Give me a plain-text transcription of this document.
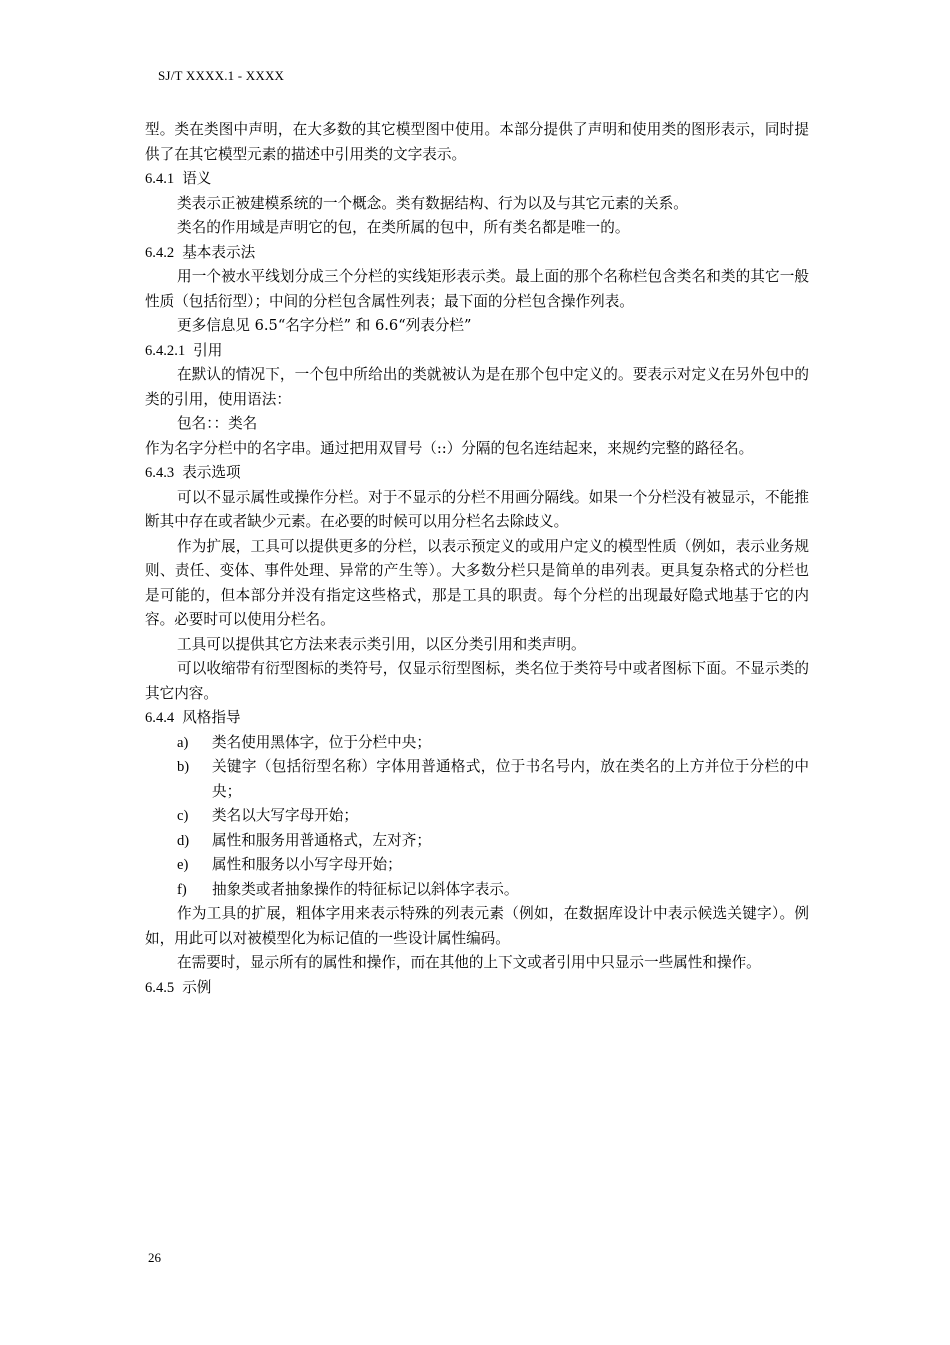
SJ/T XXXX.1 - XXXX

型。类在类图中声明，在大多数的其它模型图中使用。本部分提供了声明和使用类的图形表示，同时提供了在其它模型元素的描述中引用类的文字表示。

6.4.1 语义

类表示正被建模系统的一个概念。类有数据结构、行为以及与其它元素的关系。

类名的作用域是声明它的包，在类所属的包中，所有类名都是唯一的。

6.4.2 基本表示法

用一个被水平线划分成三个分栏的实线矩形表示类。最上面的那个名称栏包含类名和类的其它一般性质（包括衍型）；中间的分栏包含属性列表；最下面的分栏包含操作列表。

更多信息见 6.5“名字分栏” 和 6.6“列表分栏”

6.4.2.1 引用

在默认的情况下，一个包中所给出的类就被认为是在那个包中定义的。要表示对定义在另外包中的类的引用，使用语法：

包名：：类名

作为名字分栏中的名字串。通过把用双冒号（::）分隔的包名连结起来，来规约完整的路径名。

6.4.3 表示选项

可以不显示属性或操作分栏。对于不显示的分栏不用画分隔线。如果一个分栏没有被显示，不能推断其中存在或者缺少元素。在必要的时候可以用分栏名去除歧义。

作为扩展，工具可以提供更多的分栏，以表示预定义的或用户定义的模型性质（例如，表示业务规则、责任、变体、事件处理、异常的产生等）。大多数分栏只是简单的串列表。更具复杂格式的分栏也是可能的，但本部分并没有指定这些格式，那是工具的职责。每个分栏的出现最好隐式地基于它的内容。必要时可以使用分栏名。

工具可以提供其它方法来表示类引用，以区分类引用和类声明。

可以收缩带有衍型图标的类符号，仅显示衍型图标，类名位于类符号中或者图标下面。不显示类的其它内容。

6.4.4 风格指导
a)	类名使用黑体字，位于分栏中央；
b)	关键字（包括衍型名称）字体用普通格式，位于书名号内，放在类名的上方并位于分栏的中央；
c)	类名以大写字母开始；
d)	属性和服务用普通格式，左对齐；
e)	属性和服务以小写字母开始；
f)	抽象类或者抽象操作的特征标记以斜体字表示。

作为工具的扩展，粗体字用来表示特殊的列表元素（例如，在数据库设计中表示候选关键字）。例如，用此可以对被模型化为标记值的一些设计属性编码。

在需要时，显示所有的属性和操作，而在其他的上下文或者引用中只显示一些属性和操作。

6.4.5 示例
26
